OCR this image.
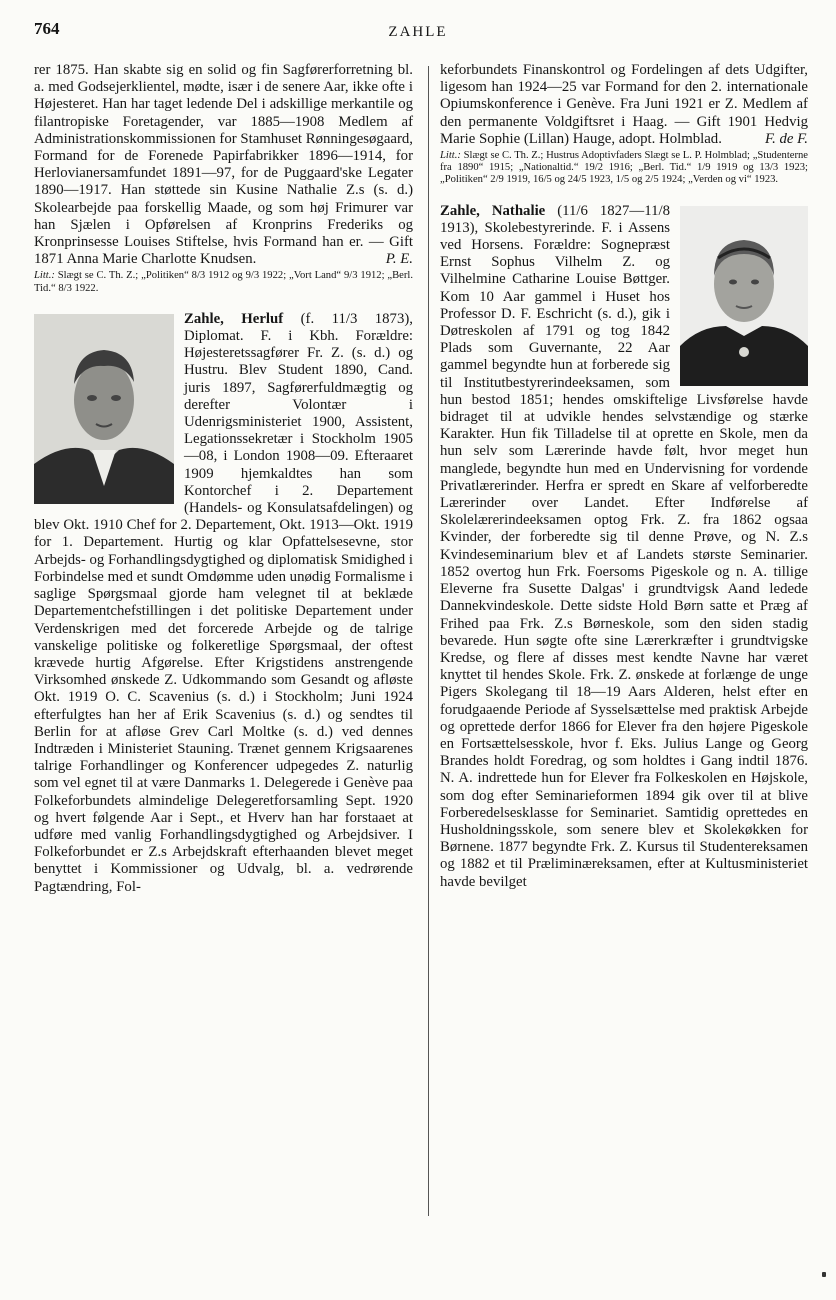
764	ZAHLE

rer 1875. Han skabte sig en solid og fin Sagførerforretning bl. a. med Godsejerklientel, mødte, især i de senere Aar, ikke ofte i Højesteret. Han har taget ledende Del i adskillige merkantile og filantropiske Foretagender, var 1885—1908 Medlem af Administrationskommissionen for Stamhuset Rønningesøgaard, Formand for de Forenede Papirfabrikker 1896—1914, for Herlovianersamfundet 1891—97, for de Puggaard'ske Legater 1890—1917. Han støttede sin Kusine Nathalie Z.s (s. d.) Skolearbejde paa forskellig Maade, og som høj Frimurer var han Sjælen i Opførelsen af Kronprins Frederiks og Kronprinsesse Louises Stiftelse, hvis Formand han er. — Gift 1871 Anna Marie Charlotte Knudsen.	P. E.

Litt.: Slægt se C. Th. Z.; „Politiken“ 8/3 1912 og 9/3 1922; „Vort Land“ 9/3 1912; „Berl. Tid.“ 8/3 1922.

Zahle, Herluf (f. 11/3 1873), Diplomat. F. i Kbh. Forældre: Højesteretssagfører Fr. Z. (s. d.) og Hustru. Blev Student 1890, Cand. juris 1897, Sagførerfuldmægtig og derefter Volontær i Udenrigsministeriet 1900, Assistent, Legationssekretær i Stockholm 1905—08, i London 1908—09. Efteraaret 1909 hjemkaldtes han som Kontorchef i 2. Departement (Handels- og Konsulatsafdelingen) og blev Okt. 1910 Chef for 2. Departement, Okt. 1913—Okt. 1919 for 1. Departement. Hurtig og klar Opfattelsesevne, stor Arbejds- og Forhandlingsdygtighed og diplomatisk Smidighed i Forbindelse med et sundt Omdømme uden unødig Formalisme i saglige Spørgsmaal gjorde ham velegnet til at beklæde Departementchefstillingen i det politiske Departement under Verdenskrigen med det forcerede Arbejde og de talrige vanskelige politiske og folkeretlige Spørgsmaal, der oftest krævede hurtig Afgørelse. Efter Krigstidens anstrengende Virksomhed ønskede Z. Udkommando som Gesandt og afløste Okt. 1919 O. C. Scavenius (s. d.) i Stockholm; Juni 1924 efterfulgtes han her af Erik Scavenius (s. d.) og sendtes til Berlin for at afløse Grev Carl Moltke (s. d.) ved dennes Indtræden i Ministeriet Stauning. Trænet gennem Krigsaarenes talrige Forhandlinger og Konferencer udpegedes Z. naturlig som vel egnet til at være Danmarks 1. Delegerede i Genève paa Folkeforbundets almindelige Delegeretforsamling Sept. 1920 og hvert følgende Aar i Sept., et Hverv han har forstaaet at udføre med vanlig Forhandlingsdygtighed og Arbejdsiver. I Folkeforbundet er Z.s Arbejdskraft efterhaanden blevet meget benyttet i Kommissioner og Udvalg, bl. a. vedrørende Pagtændring, Fol-

keforbundets Finanskontrol og Fordelingen af dets Udgifter, ligesom han 1924—25 var Formand for den 2. internationale Opiumskonference i Genève. Fra Juni 1921 er Z. Medlem af den permanente Voldgiftsret i Haag. — Gift 1901 Hedvig Marie Sophie (Lillan) Hauge, adopt. Holmblad.	F. de F.

Litt.: Slægt se C. Th. Z.; Hustrus Adoptivfaders Slægt se L. P. Holmblad; „Studenterne fra 1890“ 1915; „Nationaltid.“ 19/2 1916; „Berl. Tid.“ 1/9 1919 og 13/3 1923; „Politiken“ 2/9 1919, 16/5 og 24/5 1923, 1/5 og 2/5 1924; „Verden og vi“ 1923.

Zahle, Nathalie (11/6 1827—11/8 1913), Skolebestyrerinde. F. i Assens ved Horsens. Forældre: Sognepræst Ernst Sophus Vilhelm Z. og Vilhelmine Catharine Louise Bøttger. Kom 10 Aar gammel i Huset hos Professor D. F. Eschricht (s. d.), gik i Døtreskolen af 1791 og tog 1842 Plads som Guvernante, 22 Aar gammel begyndte hun at forberede sig til Institutbestyrerindeeksamen, som hun bestod 1851; hendes omskiftelige Livsførelse havde bidraget til at udvikle hendes selvstændige og stærke Karakter. Hun fik Tilladelse til at oprette en Skole, men da hun selv som Lærerinde havde følt, hvor meget hun manglede, begyndte hun med en Undervisning for vordende Privatlærerinder. Herfra er spredt en Skare af velforberedte Lærerinder over Landet. Efter Indførelse af Skolelærerindeeksamen optog Frk. Z. fra 1862 ogsaa Kvinder, der forberedte sig til denne Prøve, og N. Z.s Kvindeseminarium blev et af Landets største Seminarier. 1852 overtog hun Frk. Foersoms Pigeskole og n. A. tillige Eleverne fra Susette Dalgas' i grundtvigsk Aand ledede Dannekvindeskole. Dette sidste Hold Børn satte et Præg af Frihed paa Frk. Z.s Børneskole, som den siden stadig bevarede. Hun søgte ofte sine Lærerkræfter i grundtvigske Kredse, og flere af disses mest kendte Navne har været knyttet til hendes Skole. Frk. Z. ønskede at forlænge de unge Pigers Skolegang til 18—19 Aars Alderen, helst efter en forudgaaende Periode af Sysselsættelse med praktisk Arbejde og oprettede derfor 1866 for Elever fra den højere Pigeskole en Fortsættelsesskole, hvor f. Eks. Julius Lange og Georg Brandes holdt Foredrag, og som holdtes i Gang indtil 1876. N. A. indrettede hun for Elever fra Folkeskolen en Højskole, som dog efter Seminarieformen 1894 gik over til at blive Forberedelsesklasse for Seminariet. Samtidig oprettedes en Husholdningsskole, som senere blev et Skolekøkken for Børnene. 1877 begyndte Frk. Z. Kursus til Studentereksamen og 1882 et til Præliminæreksamen, efter at Kultusministeriet havde bevilget
